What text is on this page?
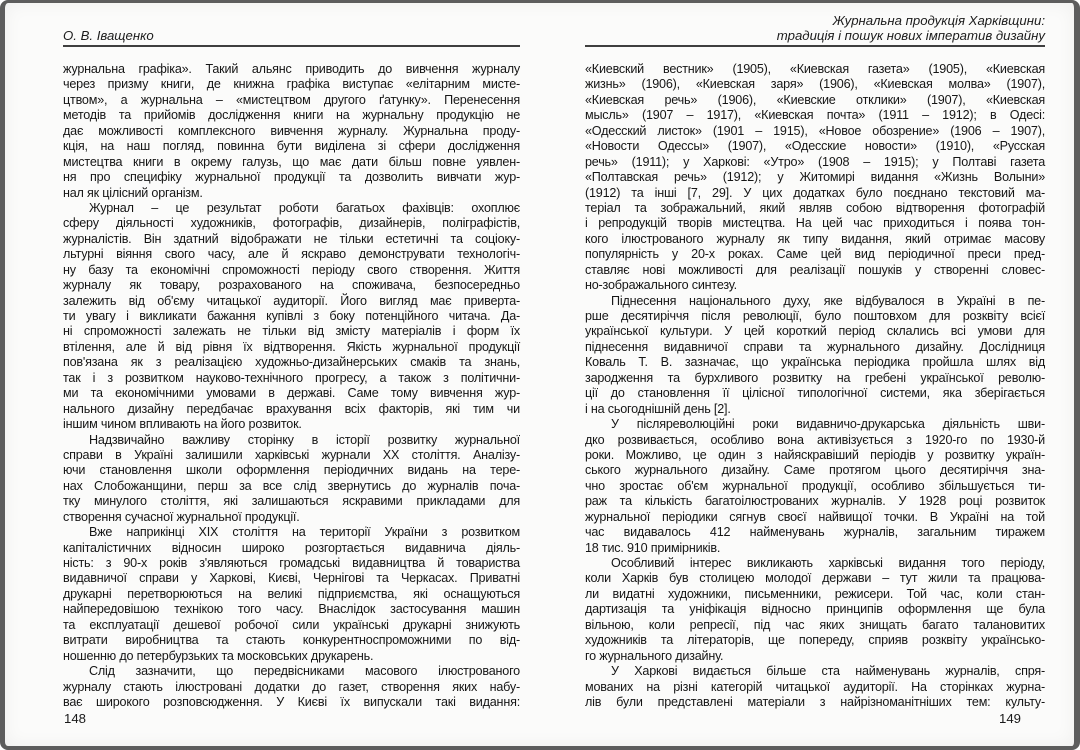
О. В. Іващенко
журнальна графіка». Такий альянс приводить до вивчення журналу
через призму книги, де книжна графіка виступає «елітарним мисте-
цтвом», а журнальна – «мистецтвом другого ґатунку». Перенесення
методів та прийомів дослідження книги на журнальну продукцію не
дає можливості комплексного вивчення журналу. Журнальна проду-
кція, на наш погляд, повинна бути виділена зі сфери дослідження
мистецтва книги в окрему галузь, що має дати більш повне уявлен-
ня про специфіку журнальної продукції та дозволить вивчати жур-
нал як цілісний організм.
Журнал – це результат роботи багатьох фахівців: охоплює
сферу діяльності художників, фотографів, дизайнерів, поліграфістів,
журналістів. Він здатний відображати не тільки естетичні та соціоку-
льтурні віяння свого часу, але й яскраво демонструвати технологіч-
ну базу та економічні спроможності періоду свого створення. Життя
журналу як товару, розрахованого на споживача, безпосередньо
залежить від об'єму читацької аудиторії. Його вигляд має приверта-
ти увагу і викликати бажання купівлі з боку потенційного читача. Да-
ні спроможності залежать не тільки від змісту матеріалів і форм їх
втілення, але й від рівня їх відтворення. Якість журнальної продукції
пов'язана як з реалізацією художньо-дизайнерських смаків та знань,
так і з розвитком науково-технічного прогресу, а також з політични-
ми та економічними умовами в державі. Саме тому вивчення жур-
нального дизайну передбачає врахування всіх факторів, які тим чи
іншим чином впливають на його розвиток.
Надзвичайно важливу сторінку в історії розвитку журнальної
справи в Україні залишили харківські журнали ХХ століття. Аналізу-
ючи становлення школи оформлення періодичних видань на тере-
нах Слобожанщини, перш за все слід звернутись до журналів поча-
тку минулого століття, які залишаються яскравими прикладами для
створення сучасної журнальної продукції.
Вже наприкінці ХІХ століття на території України з розвитком
капіталістичних відносин широко розгортається видавнича діяль-
ність: з 90-х років з'являються громадські видавництва й товариства
видавничої справи у Харкові, Києві, Чернігові та Черкасах. Приватні
друкарні перетворюються на великі підприємства, які оснащуються
найпередовішою технікою того часу. Внаслідок застосування машин
та експлуатації дешевої робочої сили українські друкарні знижують
витрати виробництва та стають конкурентноспроможними по від-
ношенню до петербурзьких та московських друкарень.
Слід зазначити, що передвісниками масового ілюстрованого
журналу стають ілюстровані додатки до газет, створення яких набу-
ває широкого розповсюдження. У Києві їх випускали такі видання:
148
Журнальна продукція Харківщини:
традиція і пошук нових імператив дизайну
«Киевский вестник» (1905), «Киевская газета» (1905), «Киевская
жизнь» (1906), «Киевская заря» (1906), «Киевская молва» (1907),
«Киевская речь» (1906), «Киевские отклики» (1907), «Киевская
мысль» (1907 – 1917), «Киевская почта» (1911 – 1912); в Одесі:
«Одесский листок» (1901 – 1915), «Новое обозрение» (1906 – 1907),
«Новости Одессы» (1907), «Одесские новости» (1910), «Русская
речь» (1911); у Харкові: «Утро» (1908 – 1915); у Полтаві газета
«Полтавская речь» (1912); у Житомирі видання «Жизнь Волыни»
(1912) та інші [7, 29]. У цих додатках було поєднано текстовий ма-
теріал та зображальний, який являв собою відтворення фотографій
і репродукцій творів мистецтва. На цей час приходиться і поява тон-
кого ілюстрованого журналу як типу видання, який отримає масову
популярність у 20-х роках. Саме цей вид періодичної преси пред-
ставляє нові можливості для реалізації пошуків у створенні словес-
но-зображального синтезу.
Піднесення національного духу, яке відбувалося в Україні в пе-
рше десятиріччя після революції, було поштовхом для розквіту всієї
української культури. У цей короткий період склались всі умови для
піднесення видавничої справи та журнального дизайну. Дослідниця
Коваль Т. В. зазначає, що українська періодика пройшла шлях від
зародження та бурхливого розвитку на гребені української револю-
ції до становлення її цілісної типологічної системи, яка зберігається
і на сьогоднішній день [2].
У післяреволюційні роки видавничо-друкарська діяльність шви-
дко розвивається, особливо вона активізується з 1920-го по 1930-й
роки. Можливо, це один з найяскравіший періодів у розвитку україн-
ського журнального дизайну. Саме протягом цього десятиріччя зна-
чно зростає об'єм журнальної продукції, особливо збільшується ти-
раж та кількість багатоілюстрованих журналів. У 1928 році розвиток
журнальної періодики сягнув своєї найвищої точки. В Україні на той
час видавалось 412 найменувань журналів, загальним тиражем
18 тис. 910 примірників.
Особливий інтерес викликають харківські видання того періоду,
коли Харків був столицею молодої держави – тут жили та працюва-
ли видатні художники, письменники, режисери. Той час, коли стан-
дартизація та уніфікація відносно принципів оформлення ще була
вільною, коли репресії, під час яких знищать багато талановитих
художників та літераторів, ще попереду, сприяв розквіту українсько-
го журнального дизайну.
У Харкові видається більше ста найменувань журналів, спря-
мованих на різні категорій читацької аудиторії. На сторінках журна-
лів були представлені матеріали з найрізноманітніших тем: культу-
149
